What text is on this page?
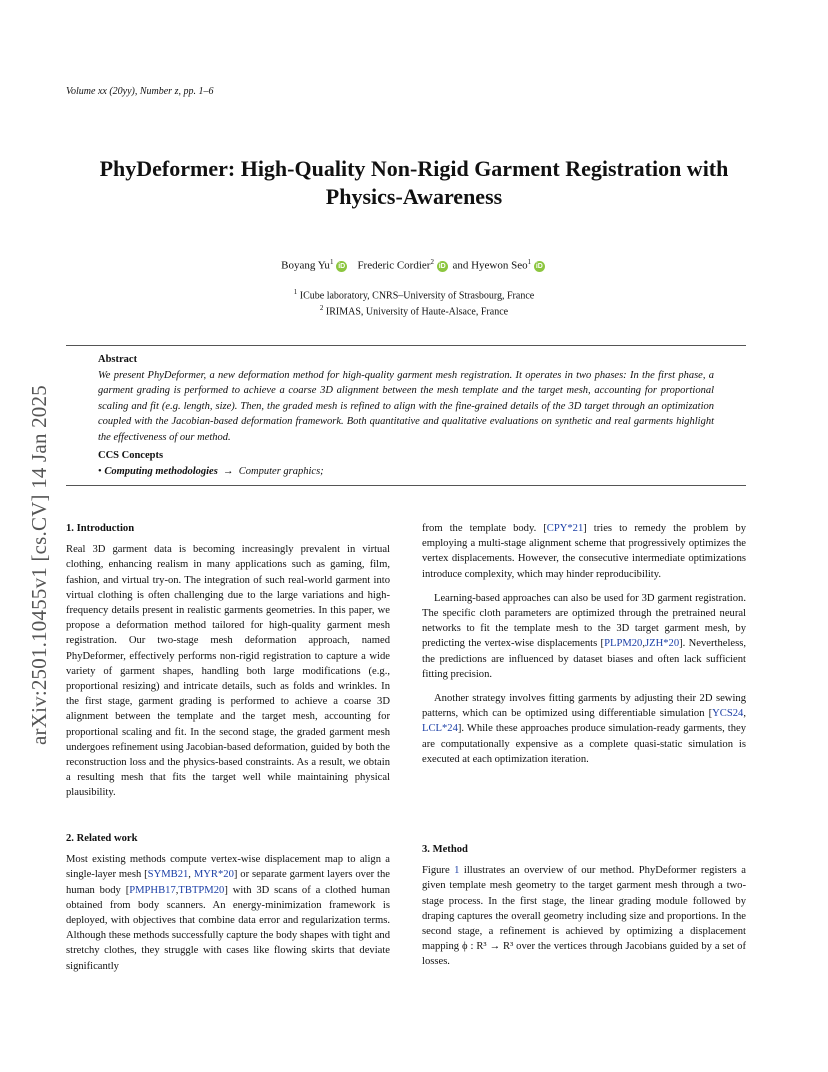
Volume xx (20yy), Number z, pp. 1–6
PhyDeformer: High-Quality Non-Rigid Garment Registration with
Physics-Awareness
Boyang Yu$^1$ iD Frederic Cordier$^2$ iD and Hyewon Seo$^1$ iD
$^1$ ICube laboratory, CNRS–University of Strasbourg, France
$^2$ IRIMAS, University of Haute-Alsace, France
Abstract

We present PhyDeformer, a new deformation method for high-quality garment mesh registration. It operates in two phases: In the first phase, a garment grading is performed to achieve a coarse 3D alignment between the mesh template and the target mesh, accounting for proportional scaling and fit (e.g. length, size). Then, the graded mesh is refined to align with the fine-grained details of the 3D target through an optimization coupled with the Jacobian-based deformation framework. Both quantitative and qualitative evaluations on synthetic and real garments highlight the effectiveness of our method.

CCS Concepts
• Computing methodologies → Computer graphics;
arXiv:2501.10455v1 [cs.CV] 14 Jan 2025 1. Introduction

Real 3D garment data is becoming increasingly prevalent in virtual clothing, enhancing realism in many applications such as gaming, film, fashion, and virtual try-on. The integration of such real-world garment into virtual clothing is often challenging due to the large variations and high-frequency details present in realistic garments geometries. In this paper, we propose a deformation method tailored for high-quality garment mesh registration. Our two-stage mesh deformation approach, named PhyDeformer, effectively performs non-rigid registration to capture a wide variety of garment shapes, handling both large modifications (e.g., proportional resizing) and intricate details, such as folds and wrinkles. In the first stage, garment grading is performed to achieve a coarse 3D alignment between the template and the target mesh, accounting for proportional scaling and fit. In the second stage, the graded garment mesh undergoes refinement using Jacobian-based deformation, guided by both the reconstruction loss and the physics-based constraints. As a result, we obtain a resulting mesh that fits the target well while maintaining physical plausibility.

2. Related work

Most existing methods compute vertex-wise displacement map to align a single-layer mesh [SYMB21, MYR*20] or separate garment layers over the human body [PMPHB17,TBTPM20] with 3D scans of a clothed human obtained from body scanners. An energy-minimization framework is deployed, with objectives that combine data error and regularization terms. Although these methods successfully capture the body shapes with tight and stretchy clothes, they struggle with cases like flowing skirts that deviate significantly

from the template body. [CPY*21] tries to remedy the problem by employing a multi-stage alignment scheme that progressively optimizes the vertex displacements. However, the consecutive intermediate optimizations introduce complexity, which may hinder reproducibility.

Learning-based approaches can also be used for 3D garment registration. The specific cloth parameters are optimized through the pretrained neural networks to fit the template mesh to the 3D target garment mesh, by predicting the vertex-wise displacements [PLPM20,JZH*20]. Nevertheless, the predictions are influenced by dataset biases and often lack sufficient fitting precision.

Another strategy involves fitting garments by adjusting their 2D sewing patterns, which can be optimized using differentiable simulation [YCS24, LCL*24]. While these approaches produce simulation-ready garments, they are computationally expensive as a complete quasi-static simulation is executed at each optimization iteration.

3. Method

Figure 1 illustrates an overview of our method. PhyDeformer registers a given template mesh geometry to the target garment mesh through a two-stage process. In the first stage, the linear grading module followed by draping captures the overall geometry including size and proportions. In the second stage, a refinement is achieved by optimizing a displacement mapping ϕ : R³ → R³ over the vertices through Jacobians guided by a set of losses.
